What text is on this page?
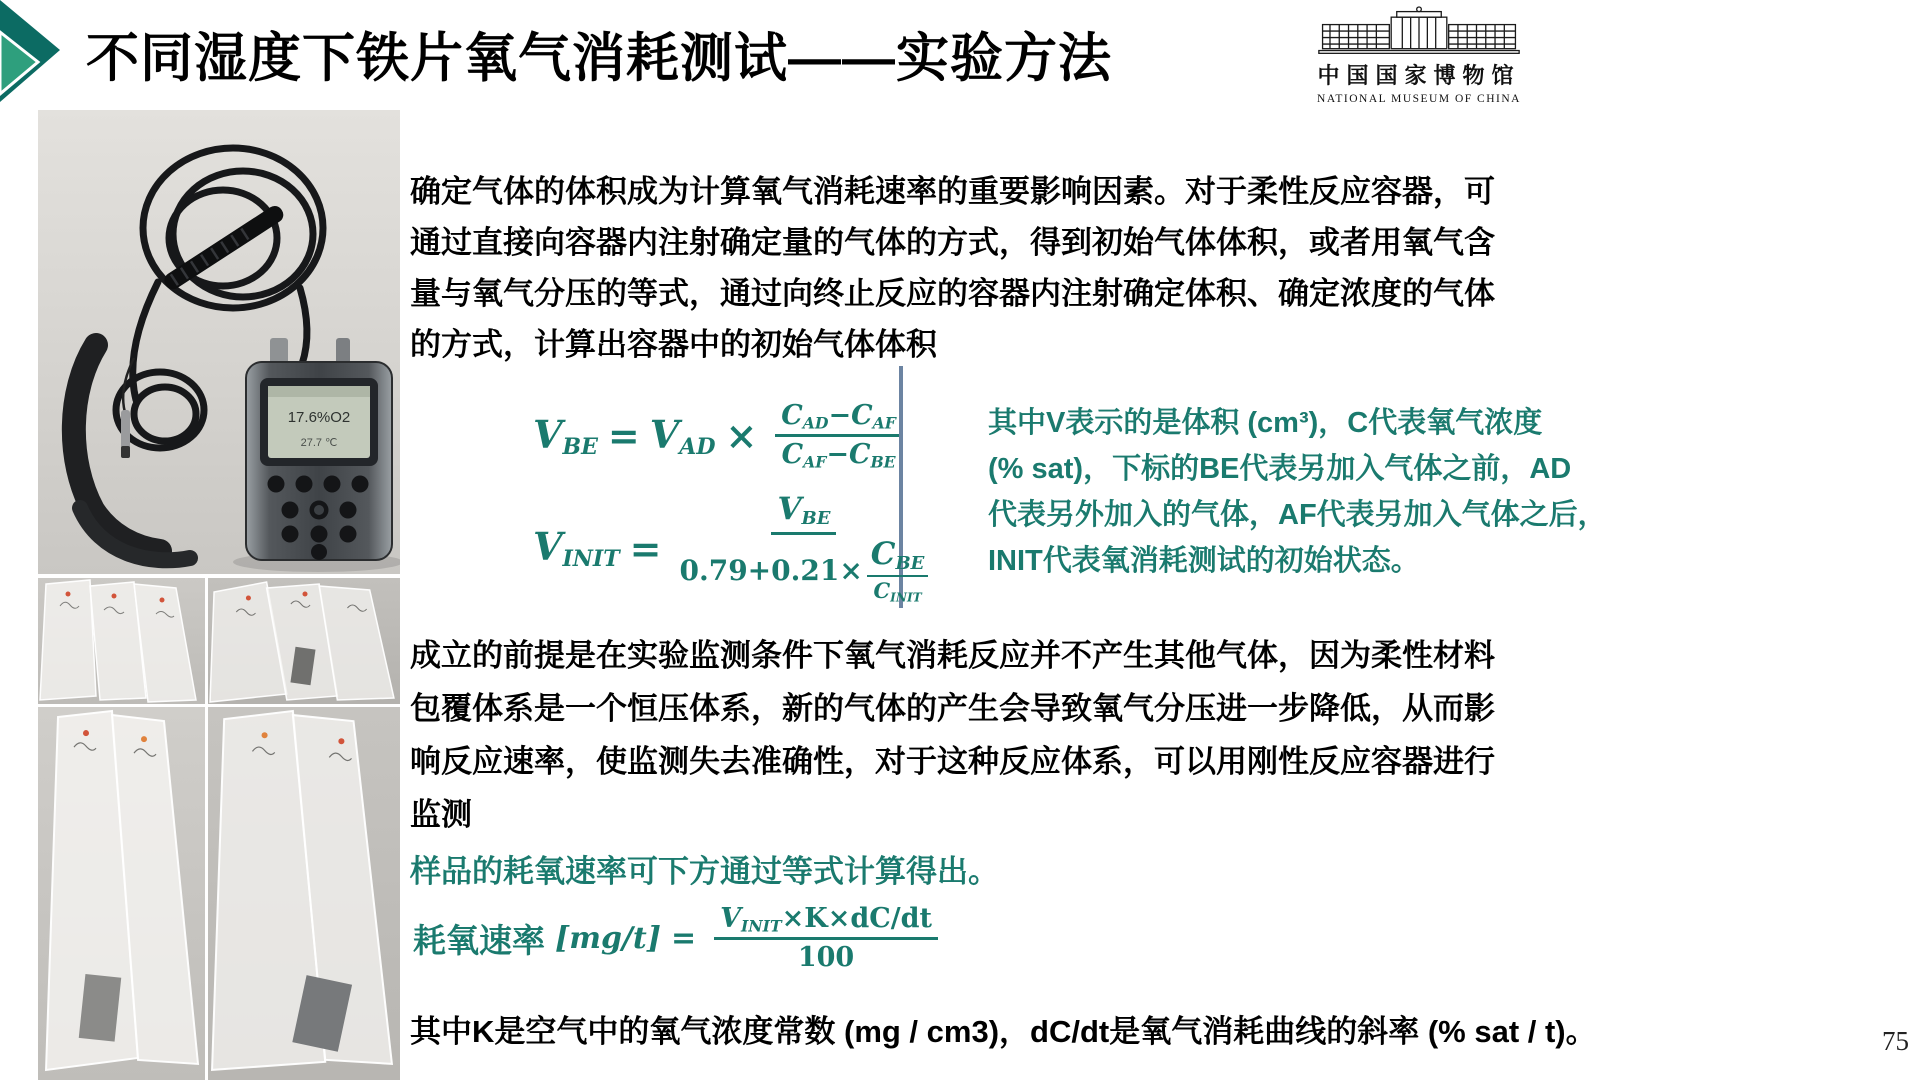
不同湿度下铁片氧气消耗测试——实验方法	中国国家博物馆
NATIONAL MUSEUM OF CHINA
17.6%O2
27.7 ℃
确定气体的体积成为计算氧气消耗速率的重要影响因素。对于柔性反应容器，可
通过直接向容器内注射确定量的气体的方式，得到初始气体体积，或者用氧气含
量与氧气分压的等式，通过向终止反应的容器内注射确定体积、确定浓度的气体
的方式，计算出容器中的初始气体体积
VBE = VAD × $\frac{\text{CAD−CAF}}{\text{CAF−CBE}}$	其中V表示的是体积 (cm³)，C代表氧气浓度
(% sat)，下标的BE代表另加入气体之前，AD
代表另外加入的气体，AF代表另加入气体之后，
INIT代表氧消耗测试的初始状态。
VINIT = $\frac{\text{VBE}}{0.79+0.21\times \frac{\text{CBE}}{\text{CINIT}}}$
成立的前提是在实验监测条件下氧气消耗反应并不产生其他气体，因为柔性材料
包覆体系是一个恒压体系，新的气体的产生会导致氧气分压进一步降低，从而影
响反应速率，使监测失去准确性，对于这种反应体系，可以用刚性反应容器进行
监测
样品的耗氧速率可下方通过等式计算得出。
耗氧速率 $[mg/t] = \frac{\text{VINIT×K×dC/dt}}{100}$
其中K是空气中的氧气浓度常数 (mg / cm3)，dC/dt是氧气消耗曲线的斜率 (% sat / t)。	75
